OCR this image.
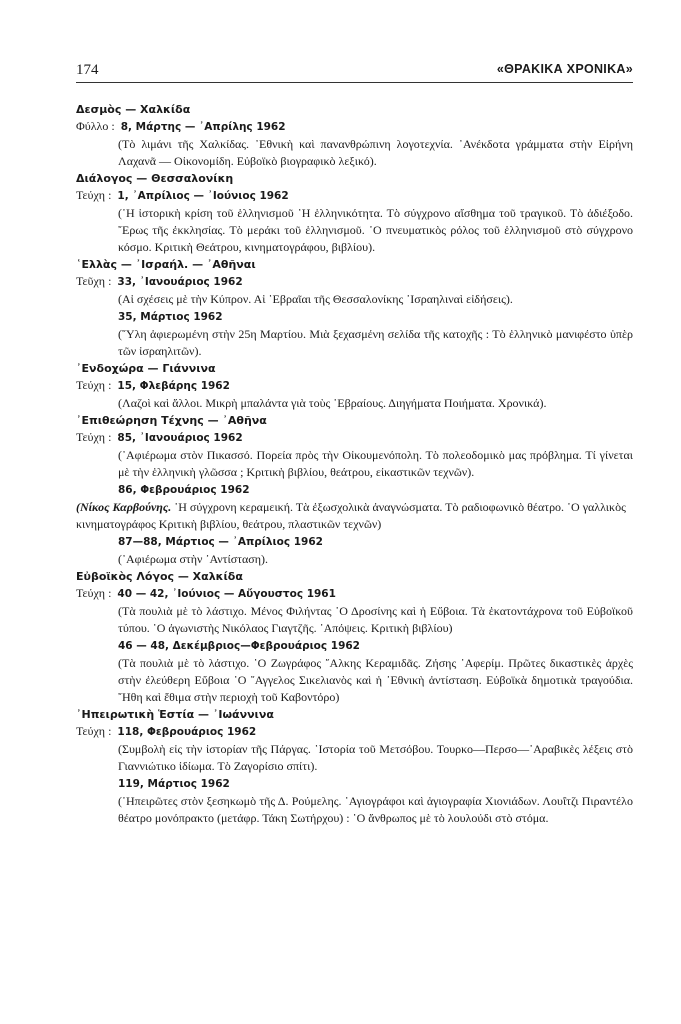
174	«ΘΡΑΚΙΚΑ ΧΡΟΝΙΚΑ»
Δεσμὸς — Χαλκίδα
Φύλλο : 8, Μάρτης — ᾿Απρίλης 1962
(Τὸ λιμάνι τῆς Χαλκίδας. ᾿Εθνικὴ καὶ πανανθρώπινη λογοτεχνία. ᾿Ανέκδοτα γράμματα στὴν Εἰρήνη Λαχανᾶ — Οἰκονομίδη. Εὐβοϊκὸ βιογραφικὸ λεξικό).
Διάλογος — Θεσσαλονίκη
Τεύχη : 1, ᾿Απρίλιος — ᾿Ιούνιος 1962
(῾Η ἱστορικὴ κρίση τοῦ ἑλληνισμοῦ ῾Η ἑλληνικότητα. Τὸ σύγχρονο αἴσθημα τοῦ τραγικοῦ. Τὸ ἀδιέξοδο. ῎Ερως τῆς ἐκκλησίας. Τὸ μεράκι τοῦ ἑλληνισμοῦ. ῾Ο πνευματικὸς ρόλος τοῦ ἑλληνισμοῦ στὸ σύγχρονο κόσμο. Κριτικὴ Θεάτρου, κινηματογράφου, βιβλίου).
῾Ελλὰς — ᾿Ισραήλ. — ᾿Αθῆναι
Τεῦχη : 33, ᾿Ιανουάριος 1962
(Αἱ σχέσεις μὲ τὴν Κύπρον. Αἱ ῾Εβραῖαι τῆς Θεσσαλονίκης ᾿Ισραηλιναὶ εἰδήσεις).
35, Μάρτιος 1962
(῞Υλη ἀφιερωμένη στὴν 25η Μαρτίου. Μιὰ ξεχασμένη σελίδα τῆς κατοχῆς : Τὸ ἑλληνικὸ μανιφέστο ὑπὲρ τῶν ἰσραηλιτῶν).
᾿Ενδοχώρα — Γιάννινα
Τεύχη : 15, Φλεβάρης 1962
(Λαζοὶ καὶ ἄλλοι. Μικρὴ μπαλάντα γιὰ τοὺς ῾Εβραίους. Διηγήματα Ποιήματα. Χρονικά).
᾿Επιθεώρηση Τέχνης — ᾿Αθῆνα
Τεύχη : 85, ᾿Ιανουάριος 1962
(᾿Αφιέρωμα στὸν Πικασσό. Πορεία πρὸς τὴν Οἰκουμενόπολη. Τὸ πολεοδομικὸ μας πρόβλημα. Τί γίνεται μὲ τὴν ἑλληνικὴ γλῶσσα ; Κριτικὴ βιβλίου, θεάτρου, εἰκαστικῶν τεχνῶν).
86, Φεβρουάριος 1962
(Νίκος Καρβούνης. ῾Η σύγχρονη κεραμεική. Τὰ ἐξωσχολικὰ ἀναγνώσματα. Τὸ ραδιοφωνικὸ θέατρο. ῾Ο γαλλικὸς κινηματογράφος Κριτικὴ βιβλίου, θεάτρου, πλαστικῶν τεχνῶν)
87—88, Μάρτιος — ᾿Απρίλιος 1962
(᾿Αφιέρωμα στὴν ᾿Αντίσταση).
Εὐβοϊκὸς Λόγος — Χαλκίδα
Τεύχη : 40 — 42, ᾿Ιούνιος — Αὔγουστος 1961
(Τὰ πουλιὰ μὲ τὸ λάστιχο. Μένος Φιλήντας ῾Ο Δροσίνης καὶ ἡ Εὔβοια. Τὰ ἑκατοντάχρονα τοῦ Εὐβοϊκοῦ τύπου. ῾Ο ἀγωνιστὴς Νικόλαος Γιαγτζῆς. ᾿Απόψεις. Κριτικὴ βιβλίου)
46 — 48, Δεκέμβριος—Φεβρουάριος 1962
(Τὰ πουλιὰ μὲ τὸ λάστιχο. ῾Ο Ζωγράφος ῎Αλκης Κεραμιδᾶς. Ζήσης ᾿Αφερίμ. Πρῶτες δικαστικὲς ἀρχὲς στὴν ἐλεύθερη Εὔβοια ῾Ο ῎Αγγελος Σικελιανὸς καὶ ἡ ᾿Εθνικὴ ἀντίσταση. Εὐβοϊκὰ δημοτικὰ τραγούδια. ῎Ηθη καὶ ἔθιμα στὴν περιοχὴ τοῦ Καβοντόρο)
᾿Ηπειρωτικὴ Ἑστία — ᾿Ιωάννινα
Τεύχη : 118, Φεβρουάριος 1962
(Συμβολὴ εἰς τὴν ἱστορίαν τῆς Πάργας. ῾Ιστορία τοῦ Μετσόβου. Τουρκο—Περσο—᾿Αραβικὲς λέξεις στὸ Γιαννιώτικο ἰδίωμα. Τὸ Ζαγορίσιο σπίτι).
119, Μάρτιος 1962
(῾Ηπειρῶτες στὸν ξεσηκωμὸ τῆς Δ. Ρούμελης. ῾Αγιογράφοι καὶ ἁγιογραφία Χιονιάδων. Λουΐτζι Πιραντέλο θέατρο μονόπρακτο (μετάφρ. Τάκη Σωτήρχου) : ῾Ο ἄνθρωπος μὲ τὸ λουλούδι στὸ στόμα.
